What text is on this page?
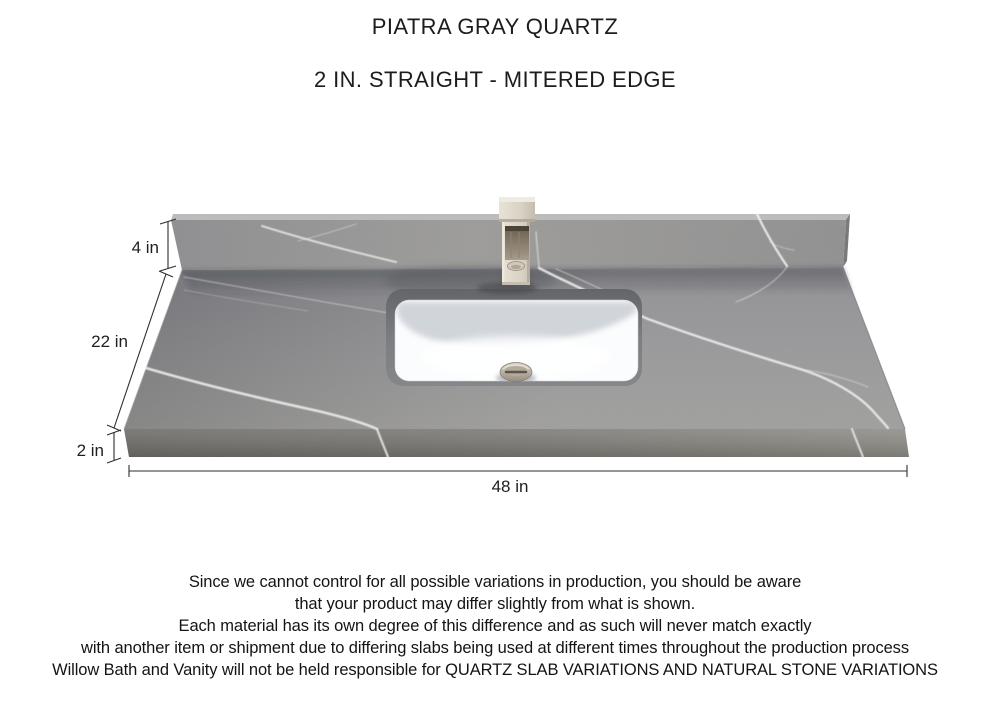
PIATRA GRAY QUARTZ
2 IN. STRAIGHT - MITERED EDGE
4 in
22 in
2 in
48 in
Since we cannot control for all possible variations in production, you should be aware
that your product may differ slightly from what is shown.
Each material has its own degree of this difference and as such will never match exactly
with another item or shipment due to differing slabs being used at different times throughout the production process
Willow Bath and Vanity will not be held responsible for QUARTZ SLAB VARIATIONS AND NATURAL STONE VARIATIONS
